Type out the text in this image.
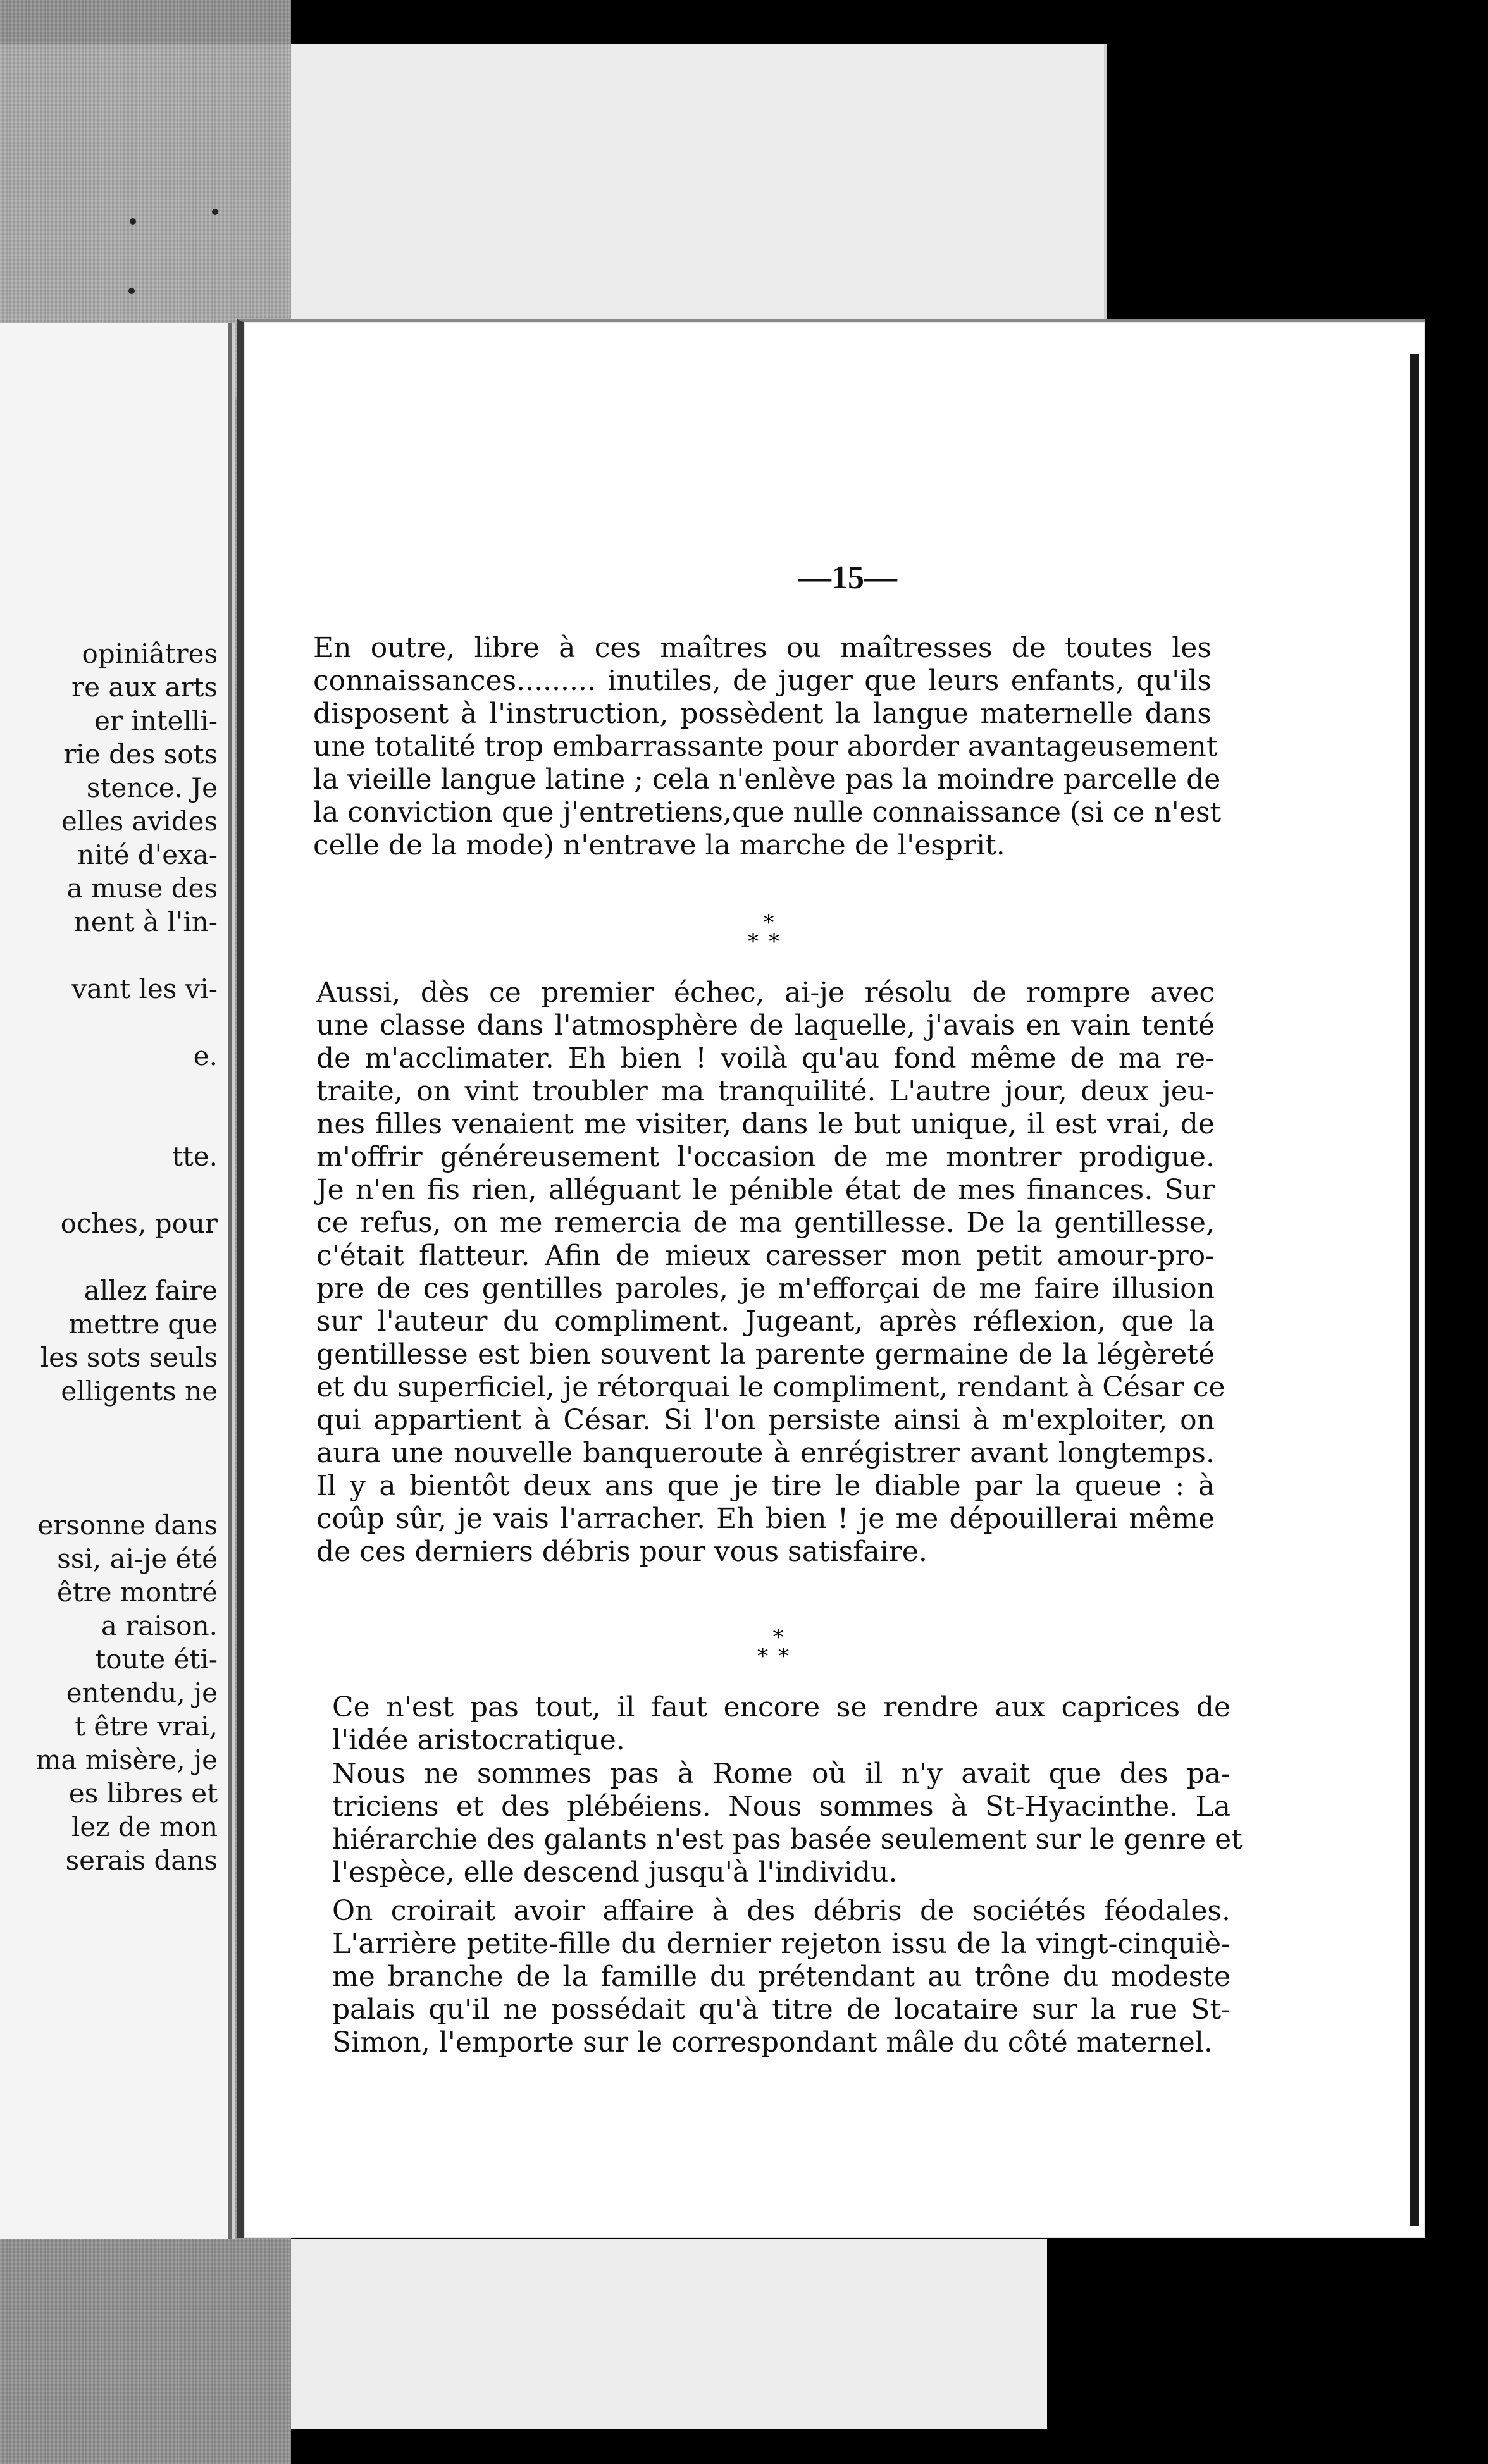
opiniâtres
re aux arts
er intelli-
rie des sots
stence. Je
elles avides
nité d'exa-
a muse des
nent à l'in-
vant les vi-
e.
tte.
oches, pour
allez faire
mettre que
les sots seuls
elligents ne
ersonne dans
ssi, ai-je été
être montré
a raison.
toute éti-
entendu, je
t être vrai,
ma misère, je
es libres et
lez de mon
serais dans
—15—
En outre, libre à ces maîtres ou maîtresses de toutes les
connaissances......... inutiles, de juger que leurs enfants, qu'ils
disposent à l'instruction, possèdent la langue maternelle dans
une totalité trop embarrassante pour aborder avantageusement
la vieille langue latine ; cela n'enlève pas la moindre parcelle de
la conviction que j'entretiens,que nulle connaissance (si ce n'est
celle de la mode) n'entrave la marche de l'esprit.
*
**
Aussi, dès ce premier échec, ai-je résolu de rompre avec
une classe dans l'atmosphère de laquelle, j'avais en vain tenté
de m'acclimater. Eh bien ! voilà qu'au fond même de ma re-
traite, on vint troubler ma tranquilité. L'autre jour, deux jeu-
nes filles venaient me visiter, dans le but unique, il est vrai, de
m'offrir généreusement l'occasion de me montrer prodigue.
Je n'en fis rien, alléguant le pénible état de mes finances. Sur
ce refus, on me remercia de ma gentillesse. De la gentillesse,
c'était flatteur. Afin de mieux caresser mon petit amour-pro-
pre de ces gentilles paroles, je m'efforçai de me faire illusion
sur l'auteur du compliment. Jugeant, après réflexion, que la
gentillesse est bien souvent la parente germaine de la légèreté
et du superficiel, je rétorquai le compliment, rendant à César ce
qui appartient à César. Si l'on persiste ainsi à m'exploiter, on
aura une nouvelle banqueroute à enrégistrer avant longtemps.
Il y a bientôt deux ans que je tire le diable par la queue : à
coûp sûr, je vais l'arracher. Eh bien ! je me dépouillerai même
de ces derniers débris pour vous satisfaire.
*
**
Ce n'est pas tout, il faut encore se rendre aux caprices de
l'idée aristocratique.
Nous ne sommes pas à Rome où il n'y avait que des pa-
triciens et des plébéiens. Nous sommes à St-Hyacinthe. La
hiérarchie des galants n'est pas basée seulement sur le genre et
l'espèce, elle descend jusqu'à l'individu.
On croirait avoir affaire à des débris de sociétés féodales.
L'arrière petite-fille du dernier rejeton issu de la vingt-cinquiè-
me branche de la famille du prétendant au trône du modeste
palais qu'il ne possédait qu'à titre de locataire sur la rue St-
Simon, l'emporte sur le correspondant mâle du côté maternel.
